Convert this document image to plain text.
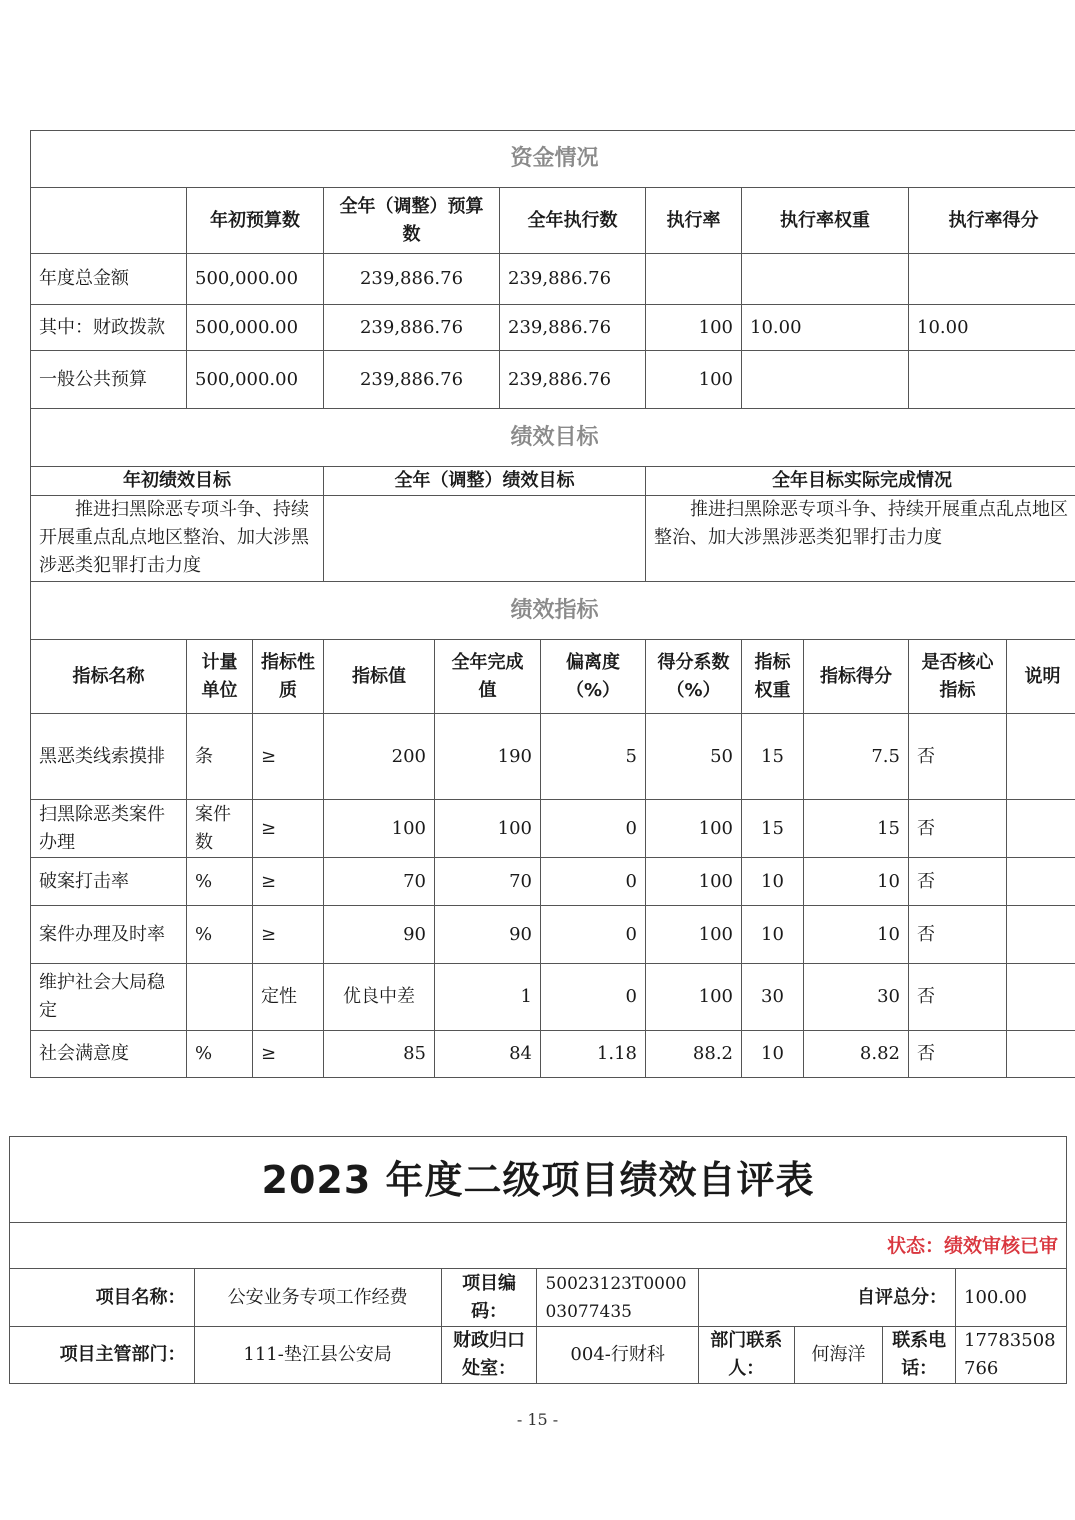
资金情况											
	年初预算数		全年（调整）预算数		全年执行数		执行率	执行率权重		执行率得分	
年度总金额	500,000.00		239,886.76		239,886.76						
其中：财政拨款	500,000.00		239,886.76		239,886.76		100	10.00		10.00	
一般公共预算	500,000.00		239,886.76		239,886.76		100				
绩效目标											
年初绩效目标			全年（调整）绩效目标				全年目标实际完成情况				
推进扫黑除恶专项斗争、持续开展重点乱点地区整治、加大涉黑涉恶类犯罪打击力度							推进扫黑除恶专项斗争、持续开展重点乱点地区整治、加大涉黑涉恶类犯罪打击力度				
绩效指标											
指标名称	计量单位	指标性质	指标值	全年完成值		偏离度（%）	得分系数（%）	指标权重	指标得分	是否核心指标	说明
黑恶类线索摸排	条	≥	200	190		5	50	15	7.5	否	
扫黑除恶类案件办理	案件数	≥	100	100		0	100	15	15	否	
破案打击率	%	≥	70	70		0	100	10	10	否	
案件办理及时率	%	≥	90	90		0	100	10	10	否	
维护社会大局稳定		定性	优良中差	1		0	100	30	30	否	
社会满意度	%	≥	85	84		1.18	88.2	10	8.82	否	
2023 年度二级项目绩效自评表							
状态：绩效审核已审							
项目名称：	公安业务专项工作经费	项目编码：	50023123T000003077435	自评总分：			100.00
项目主管部门：	111-垫江县公安局	财政归口处室：	004-行财科	部门联系人：	何海洋	联系电话：	17783508766
- 15 -
